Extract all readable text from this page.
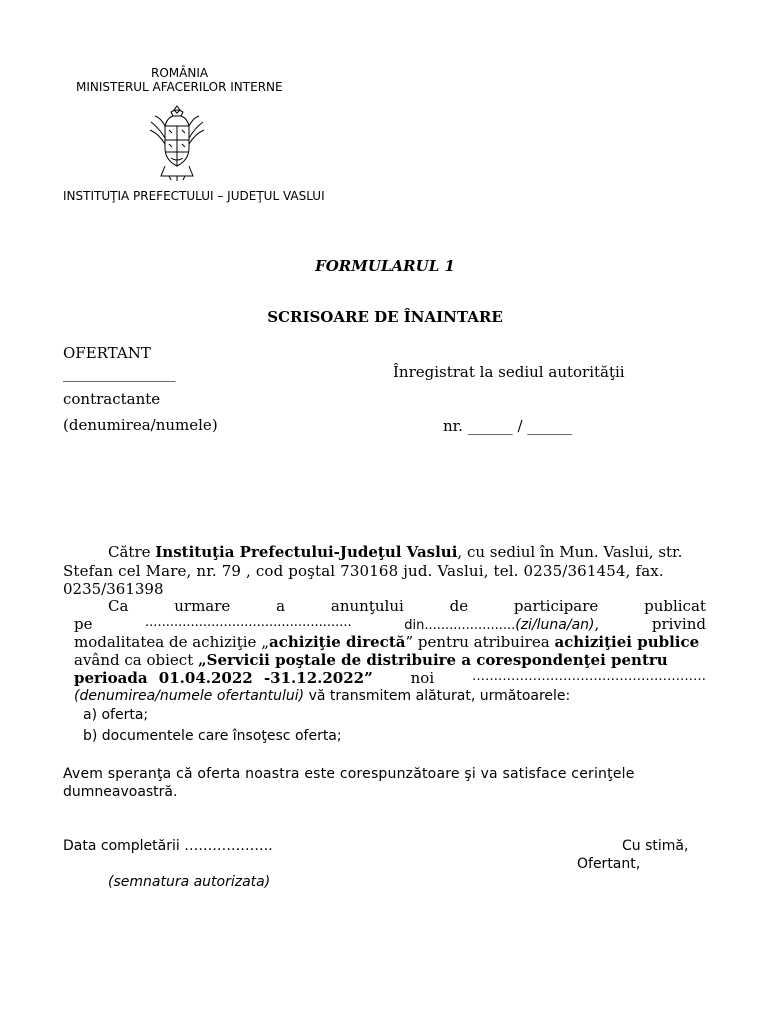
ROMÂNIA
MINISTERUL AFACERILOR INTERNE
INSTITUŢIA PREFECTULUI – JUDEŢUL VASLUI
FORMULARUL 1
SCRISOARE DE ÎNAINTARE
OFERTANT
_______________	Înregistrat la sediul autorităţii
contractante
(denumirea/numele)	nr. ______ / ______
Către Instituţia Prefectului-Judeţul Vaslui, cu sediul în Mun. Vaslui, str.
Stefan cel Mare, nr. 79 , cod poştal 730168 jud. Vaslui, tel. 0235/361454, fax.
0235/361398
Ca	urmare	a	anunţului	de	participare	publicat
pe	..................................................	din......................(zi/luna/an),	privind
modalitatea de achiziţie „achiziţie directă” pentru atribuirea achiziţiei publice
având ca obiect „Servicii poştale de distribuire a corespondenţei pentru
perioada 01.04.2022 -31.12.2022”	noi	………………………………………………
(denumirea/numele ofertantului) vă transmitem alăturat, următoarele:
a) oferta;
b) documentele care însoţesc oferta;
Avem speranţa că oferta noastra este corespunzătoare şi va satisface cerinţele
dumneavoastră.
Data completării ……………….	Cu stimă,
Ofertant,
(semnatura autorizata)
